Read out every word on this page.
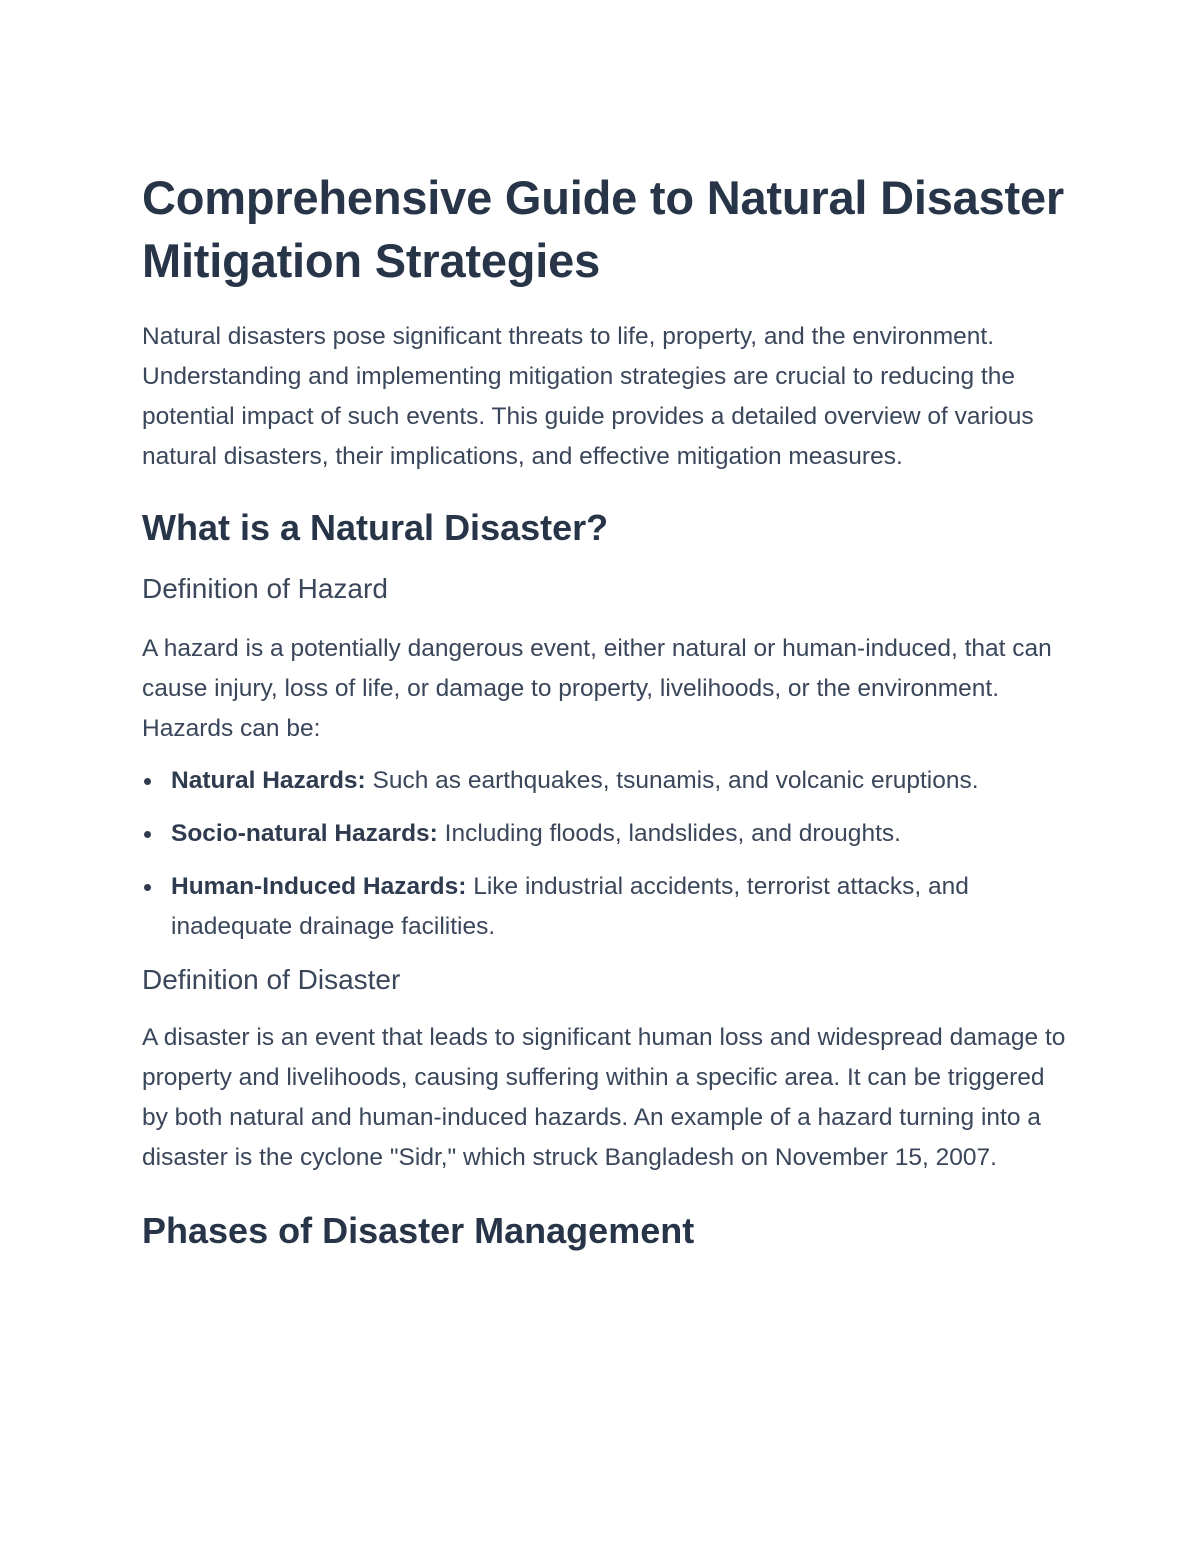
Comprehensive Guide to Natural Disaster Mitigation Strategies

Natural disasters pose significant threats to life, property, and the environment. Understanding and implementing mitigation strategies are crucial to reducing the potential impact of such events. This guide provides a detailed overview of various natural disasters, their implications, and effective mitigation measures.

What is a Natural Disaster?
Definition of Hazard

A hazard is a potentially dangerous event, either natural or human-induced, that can cause injury, loss of life, or damage to property, livelihoods, or the environment. Hazards can be:

Natural Hazards: Such as earthquakes, tsunamis, and volcanic eruptions.
Socio-natural Hazards: Including floods, landslides, and droughts.
Human-Induced Hazards: Like industrial accidents, terrorist attacks, and inadequate drainage facilities.
Definition of Disaster

A disaster is an event that leads to significant human loss and widespread damage to property and livelihoods, causing suffering within a specific area. It can be triggered by both natural and human-induced hazards. An example of a hazard turning into a disaster is the cyclone "Sidr," which struck Bangladesh on November 15, 2007.

Phases of Disaster Management
